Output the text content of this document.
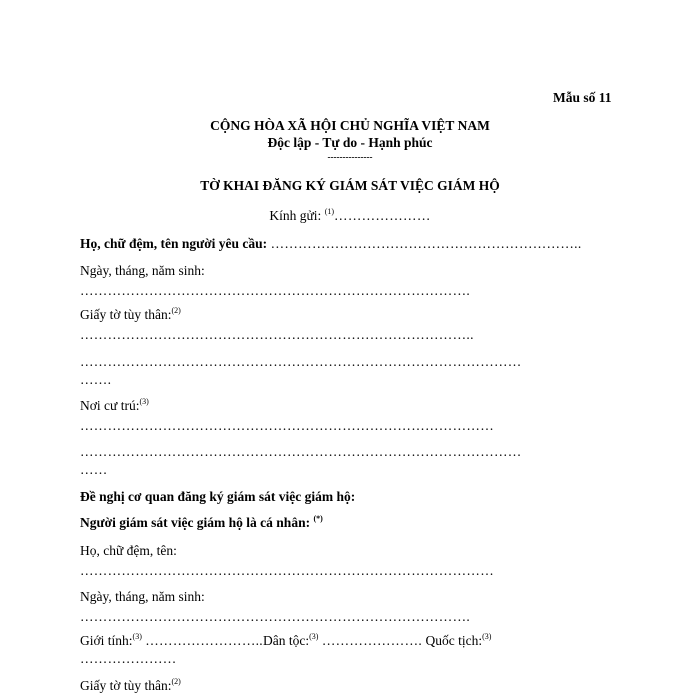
Mẫu số 11
CỘNG HÒA XÃ HỘI CHỦ NGHĨA VIỆT NAM
Độc lập - Tự do - Hạnh phúc
---------------
TỜ KHAI ĐĂNG KÝ GIÁM SÁT VIỆC GIÁM HỘ
Kính gửi: $^{(1)}$…………………
Họ, chữ đệm, tên người yêu cầu: …………………………………………………………..
Ngày, tháng, năm sinh:
………………………………………………………………………….
Giấy tờ tùy thân:$^{(2)}$
…………………………………………………………………………..
……………………………………………………………………………………
…….
Nơi cư trú:$^{(3)}$
………………………………………………………………………………
……………………………………………………………………………………
……
Đề nghị cơ quan đăng ký giám sát việc giám hộ:
Người giám sát việc giám hộ là cá nhân: (*)
Họ, chữ đệm, tên:
………………………………………………………………………………
Ngày, tháng, năm sinh:
………………………………………………………………………….
Giới tính:$^{(3)}$ ……………………..Dân tộc:$^{(3)}$ …………………. Quốc tịch:$^{(3)}$
…………………
Giấy tờ tùy thân:$^{(2)}$
